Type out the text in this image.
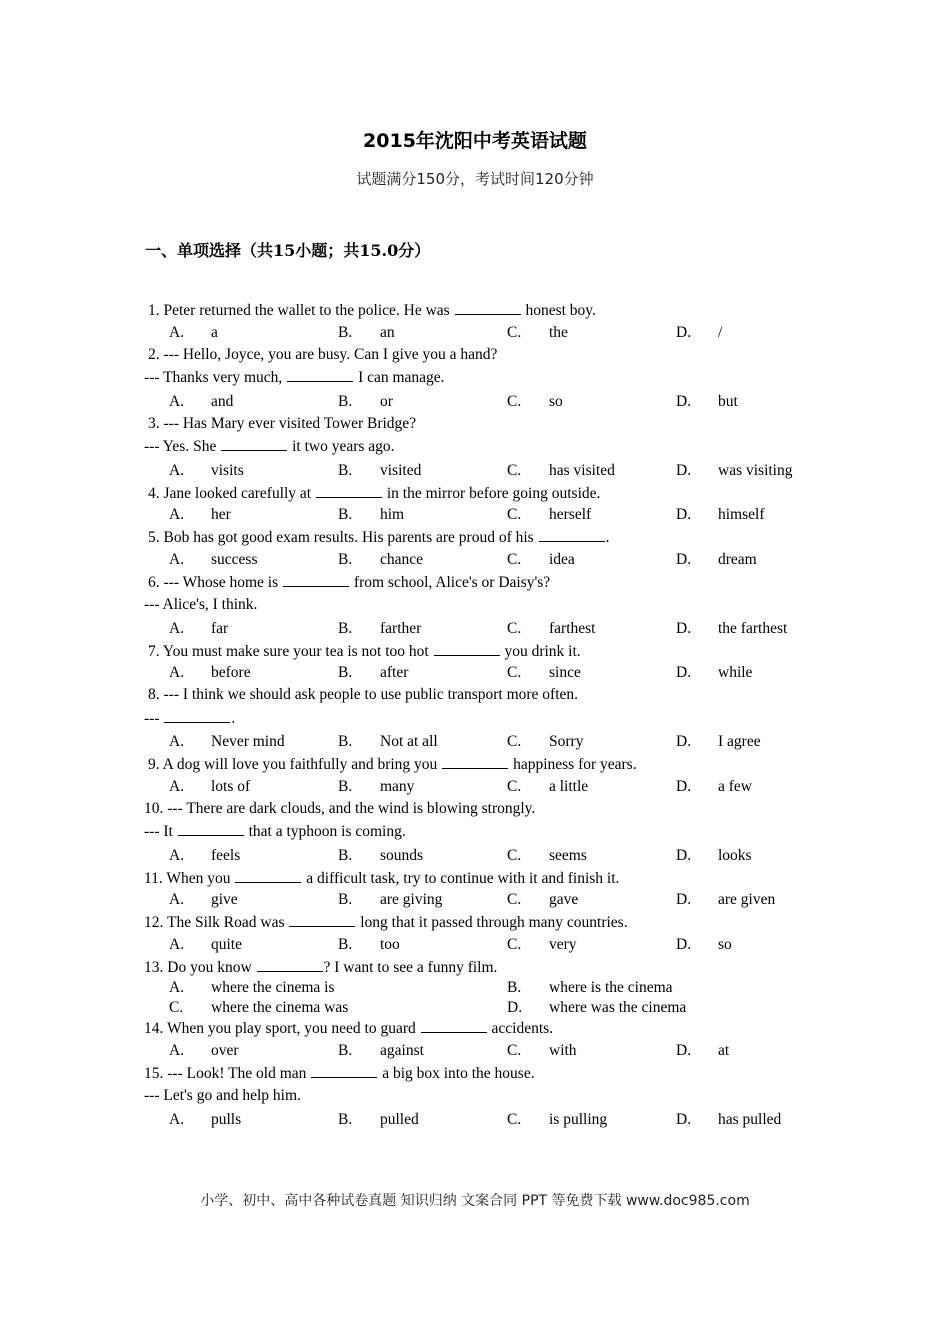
2015年沈阳中考英语试题
试题满分150分，考试时间120分钟
一、单项选择（共15小题；共15.0分）
1. Peter returned the wallet to the police. He was	honest boy.
A. a	B. an	C. the	D. /
2. --- Hello, Joyce, you are busy. Can I give you a hand?
--- Thanks very much,	I can manage.
A. and	B. or	C. so	D. but
3. --- Has Mary ever visited Tower Bridge?
--- Yes. She	it two years ago.
A. visits	B. visited	C. has visited	D. was visiting
4. Jane looked carefully at	in the mirror before going outside.
A. her	B. him	C. herself	D. himself
5. Bob has got good exam results. His parents are proud of his	.
A. success	B. chance	C. idea	D. dream
6. --- Whose home is	from school, Alice's or Daisy's?
--- Alice's, I think.
A. far	B. farther	C. farthest	D. the farthest
7. You must make sure your tea is not too hot	you drink it.
A. before	B. after	C. since	D. while
8. --- I think we should ask people to use public transport more often.
---	.
A. Never mind	B. Not at all	C. Sorry	D. I agree
9. A dog will love you faithfully and bring you	happiness for years.
A. lots of	B. many	C. a little	D. a few
10. --- There are dark clouds, and the wind is blowing strongly.
--- It	that a typhoon is coming.
A. feels	B. sounds	C. seems	D. looks
11. When you	a difficult task, try to continue with it and finish it.
A. give	B. are giving	C. gave	D. are given
12. The Silk Road was	long that it passed through many countries.
A. quite	B. too	C. very	D. so
13. Do you know	? I want to see a funny film.
A. where the cinema is	B. where is the cinema
C. where the cinema was	D. where was the cinema
14. When you play sport, you need to guard	accidents.
A. over	B. against	C. with	D. at
15. --- Look! The old man	a big box into the house.
--- Let's go and help him.
A. pulls	B. pulled	C. is pulling	D. has pulled
小学、初中、高中各种试卷真题 知识归纳 文案合同 PPT 等免费下载 www.doc985.com
